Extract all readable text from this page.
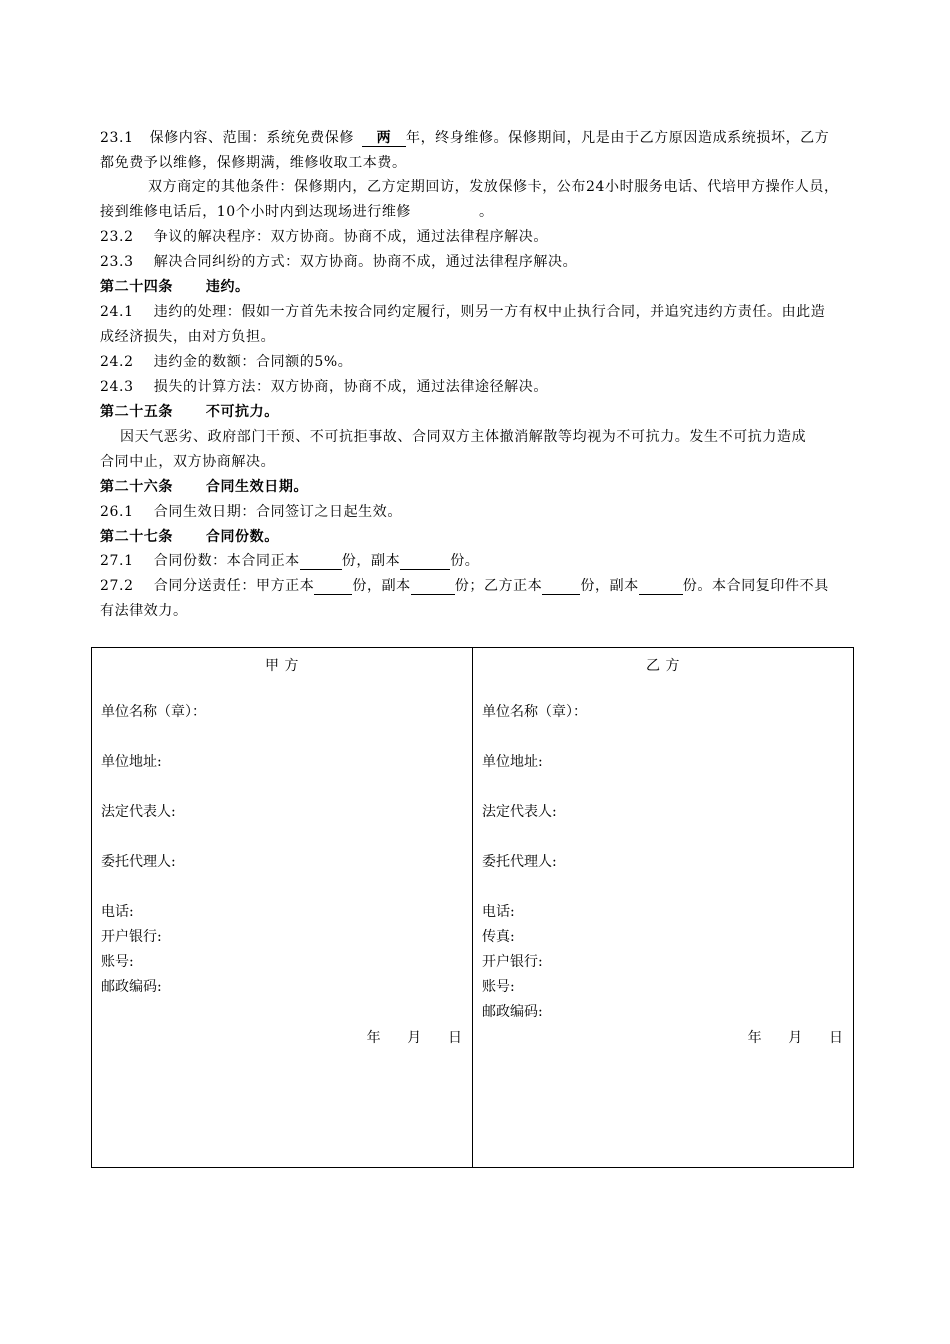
23.1 保修内容、范围：系统免费保修 两 年，终身维修。保修期间，凡是由于乙方原因造成系统损坏，乙方
都免费予以维修，保修期满，维修收取工本费。
双方商定的其他条件：保修期内，乙方定期回访，发放保修卡，公布24小时服务电话、代培甲方操作人员，
接到维修电话后，10个小时内到达现场进行维修	。
23.2    争议的解决程序：双方协商。协商不成，通过法律程序解决。
23.3    解决合同纠纷的方式：双方协商。协商不成，通过法律程序解决。
第二十四条      违约。
24.1    违约的处理：假如一方首先未按合同约定履行，则另一方有权中止执行合同，并追究违约方责任。由此造
成经济损失，由对方负担。
24.2    违约金的数额：合同额的5%。
24.3    损失的计算方法：双方协商，协商不成，通过法律途径解决。
第二十五条      不可抗力。
因天气恶劣、政府部门干预、不可抗拒事故、合同双方主体撤消解散等均视为不可抗力。发生不可抗力造成
合同中止，双方协商解决。
第二十六条      合同生效日期。
26.1    合同生效日期：合同签订之日起生效。
第二十七条      合同份数。
27.1    合同份数：本合同正本	份，副本	份。
27.2    合同分送责任：甲方正本	份，副本	份；乙方正本	份，副本	份。本合同复印件不具
有法律效力。
甲 方
单位名称（章）：
单位地址:
法定代表人:
委托代理人:
电话:
开户银行:
账号:
邮政编码:
年      月      日

乙 方
单位名称（章）：
单位地址:
法定代表人:
委托代理人:
电话:
传真:
开户银行:
账号:
邮政编码:
年      月      日
